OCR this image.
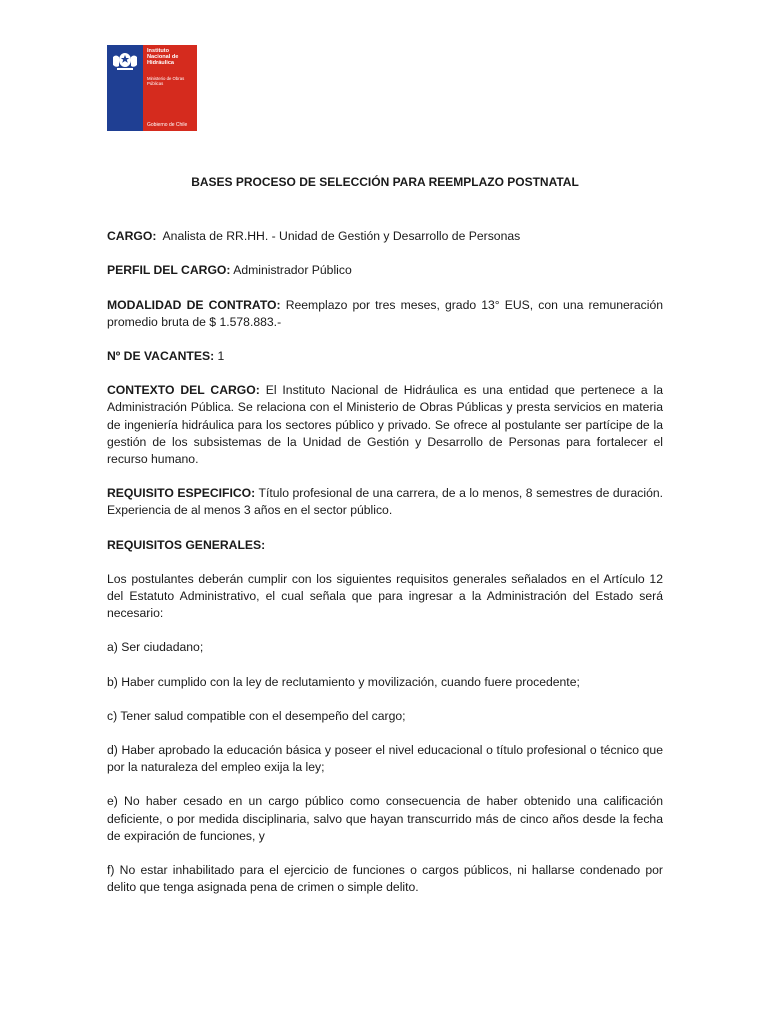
Instituto
Nacional de
Hidráulica
Ministerio de Obras
Públicas
Gobierno de Chile
BASES PROCESO DE SELECCIÓN PARA REEMPLAZO POSTNATAL

CARGO: Analista de RR.HH. - Unidad de Gestión y Desarrollo de Personas

PERFIL DEL CARGO: Administrador Público

MODALIDAD DE CONTRATO: Reemplazo por tres meses, grado 13° EUS, con una remuneración promedio bruta de $ 1.578.883.-

Nº DE VACANTES: 1

CONTEXTO DEL CARGO: El Instituto Nacional de Hidráulica es una entidad que pertenece a la Administración Pública. Se relaciona con el Ministerio de Obras Públicas y presta servicios en materia de ingeniería hidráulica para los sectores público y privado. Se ofrece al postulante ser partícipe de la gestión de los subsistemas de la Unidad de Gestión y Desarrollo de Personas para fortalecer el recurso humano.

REQUISITO ESPECIFICO: Título profesional de una carrera, de a lo menos, 8 semestres de duración. Experiencia de al menos 3 años en el sector público.

REQUISITOS GENERALES:

Los postulantes deberán cumplir con los siguientes requisitos generales señalados en el Artículo 12 del Estatuto Administrativo, el cual señala que para ingresar a la Administración del Estado será necesario:

a) Ser ciudadano;

b) Haber cumplido con la ley de reclutamiento y movilización, cuando fuere procedente;

c) Tener salud compatible con el desempeño del cargo;

d) Haber aprobado la educación básica y poseer el nivel educacional o título profesional o técnico que por la naturaleza del empleo exija la ley;

e) No haber cesado en un cargo público como consecuencia de haber obtenido una calificación deficiente, o por medida disciplinaria, salvo que hayan transcurrido más de cinco años desde la fecha de expiración de funciones, y

f) No estar inhabilitado para el ejercicio de funciones o cargos públicos, ni hallarse condenado por delito que tenga asignada pena de crimen o simple delito.
